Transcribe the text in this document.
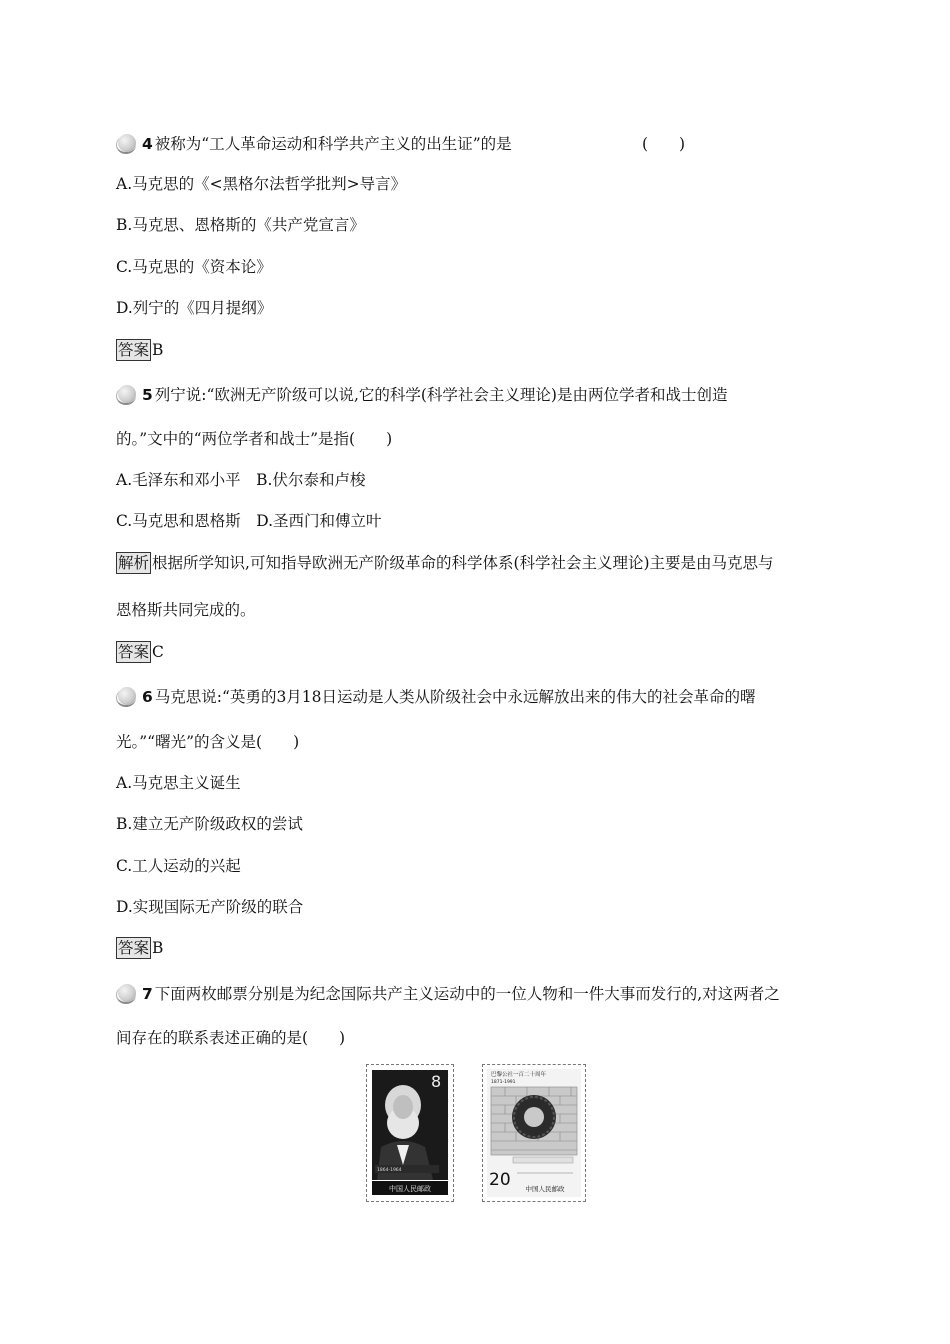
4 被称为“工人革命运动和科学共产主义的出生证”的是	(　　)
A.马克思的《<黑格尔法哲学批判>导言》
B.马克思、恩格斯的《共产党宣言》
C.马克思的《资本论》
D.列宁的《四月提纲》
答案 B
5 列宁说:“欧洲无产阶级可以说,它的科学(科学社会主义理论)是由两位学者和战士创造
的。”文中的“两位学者和战士”是指(　　)
A.毛泽东和邓小平　B.伏尔泰和卢梭
C.马克思和恩格斯　D.圣西门和傅立叶
解析 根据所学知识,可知指导欧洲无产阶级革命的科学体系(科学社会主义理论)主要是由马克思与
恩格斯共同完成的。
答案 C
6 马克思说:“英勇的3月18日运动是人类从阶级社会中永远解放出来的伟大的社会革命的曙
光。”“曙光”的含义是(　　)
A.马克思主义诞生
B.建立无产阶级政权的尝试
C.工人运动的兴起
D.实现国际无产阶级的联合
答案 B
7 下面两枚邮票分别是为纪念国际共产主义运动中的一位人物和一件大事而发行的,对这两者之
间存在的联系表述正确的是(　　)
1864-1964
8
中国人民邮政
巴黎公社一百二十周年
1871-1991
20 中国人民邮政
